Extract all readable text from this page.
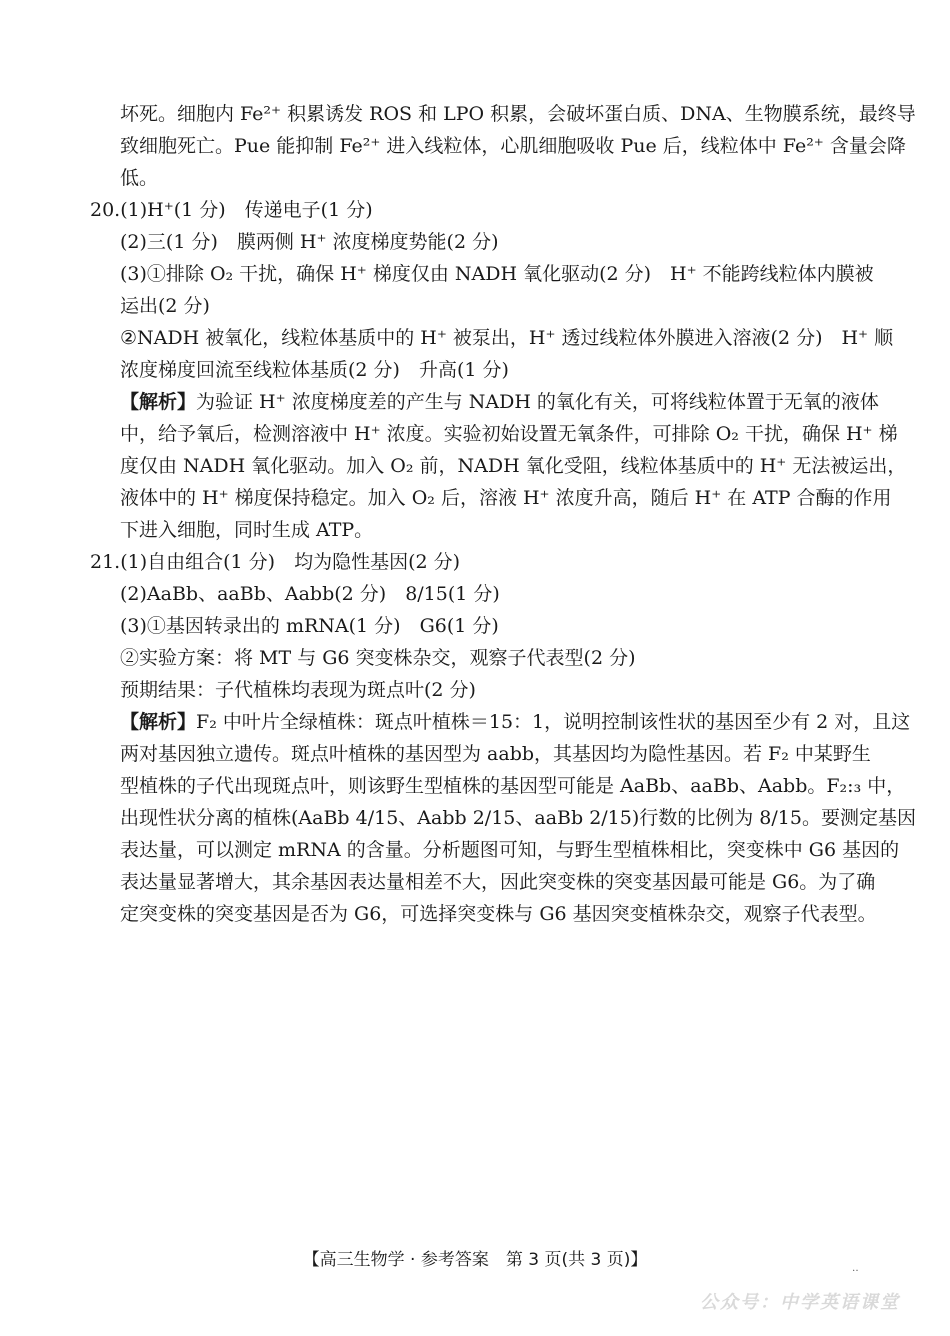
坏死。细胞内 Fe²⁺ 积累诱发 ROS 和 LPO 积累，会破坏蛋白质、DNA、生物膜系统，最终导
致细胞死亡。Pue 能抑制 Fe²⁺ 进入线粒体，心肌细胞吸收 Pue 后，线粒体中 Fe²⁺ 含量会降
低。
20.(1)H⁺(1 分)　传递电子(1 分)
(2)三(1 分)　膜两侧 H⁺ 浓度梯度势能(2 分)
(3)①排除 O₂ 干扰，确保 H⁺ 梯度仅由 NADH 氧化驱动(2 分)　H⁺ 不能跨线粒体内膜被
运出(2 分)
②NADH 被氧化，线粒体基质中的 H⁺ 被泵出，H⁺ 透过线粒体外膜进入溶液(2 分)　H⁺ 顺
浓度梯度回流至线粒体基质(2 分)　升高(1 分)
【解析】 为验证 H⁺ 浓度梯度差的产生与 NADH 的氧化有关，可将线粒体置于无氧的液体
中，给予氧后，检测溶液中 H⁺ 浓度。实验初始设置无氧条件，可排除 O₂ 干扰，确保 H⁺ 梯
度仅由 NADH 氧化驱动。加入 O₂ 前，NADH 氧化受阻，线粒体基质中的 H⁺ 无法被运出，
液体中的 H⁺ 梯度保持稳定。加入 O₂ 后，溶液 H⁺ 浓度升高，随后 H⁺ 在 ATP 合酶的作用
下进入细胞，同时生成 ATP。
21.(1)自由组合(1 分)　均为隐性基因(2 分)
(2)AaBb、aaBb、Aabb(2 分)　8/15(1 分)
(3)①基因转录出的 mRNA(1 分)　G6(1 分)
②实验方案：将 MT 与 G6 突变株杂交，观察子代表型(2 分)
预期结果：子代植株均表现为斑点叶(2 分)
【解析】 F₂ 中叶片全绿植株：斑点叶植株＝15：1，说明控制该性状的基因至少有 2 对，且这
两对基因独立遗传。斑点叶植株的基因型为 aabb，其基因均为隐性基因。若 F₂ 中某野生
型植株的子代出现斑点叶，则该野生型植株的基因型可能是 AaBb、aaBb、Aabb。F₂:₃ 中，
出现性状分离的植株(AaBb 4/15、Aabb 2/15、aaBb 2/15)行数的比例为 8/15。要测定基因
表达量，可以测定 mRNA 的含量。分析题图可知，与野生型植株相比，突变株中 G6 基因的
表达量显著增大，其余基因表达量相差不大，因此突变株的突变基因最可能是 G6。为了确
定突变株的突变基因是否为 G6，可选择突变株与 G6 基因突变植株杂交，观察子代表型。
【高三生物学 · 参考答案　第 3 页(共 3 页)】	‥
公众号：中学英语课堂
